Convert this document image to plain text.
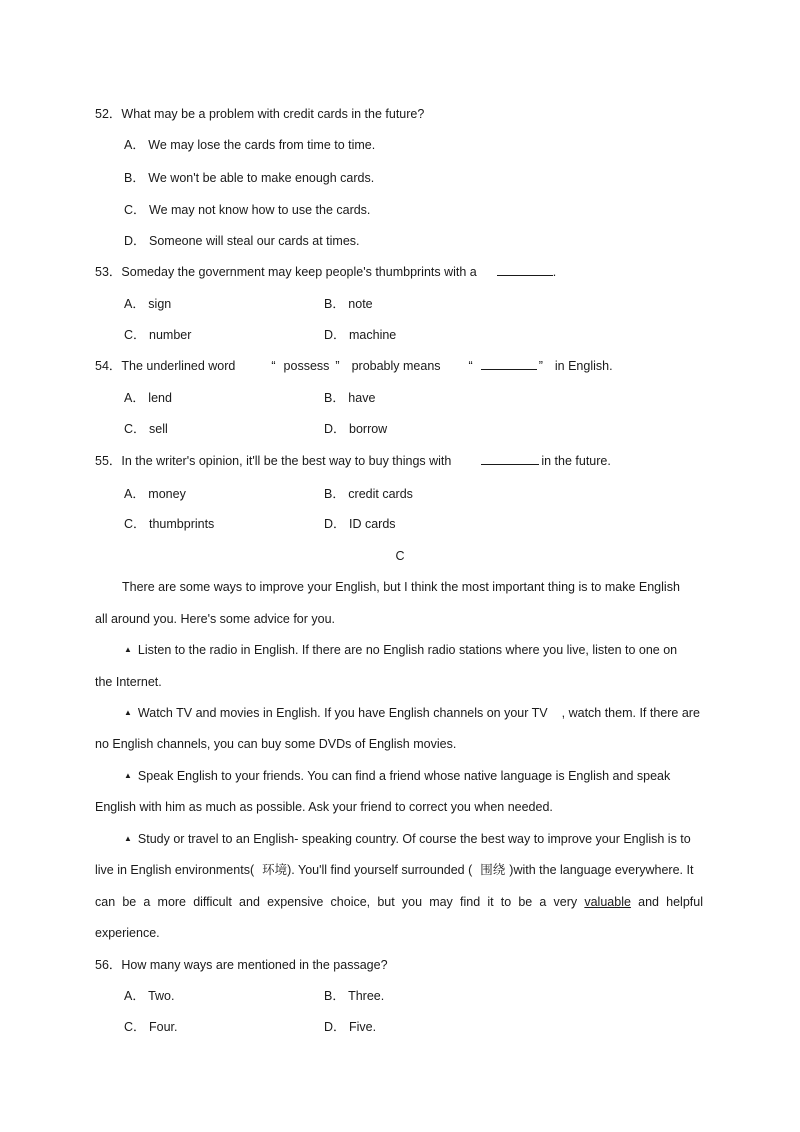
52．What may be a problem with credit cards in the future?
A． We may lose the cards from time to time.
B． We won't be able to make enough cards.
C． We may not know how to use the cards.
D． Someone will steal our cards at times.
53．Someday the government may keep people's thumbprints with a	.
A． sign	B． note
C． number	D． machine
54．The underlined word	“ possess ” probably means “	” in English.
A． lend	B． have
C． sell	D． borrow
55．In the writer's opinion, it'll be the best way to buy things with	in the future.
A． money	B． credit cards
C． thumbprints	D． ID cards
C
There are some ways to improve your English, but I think the most important thing is to make English
all around you. Here's some advice for you.
▲ Listen to the radio in English. If there are no English radio stations where you live, listen to one on
the Internet.
▲ Watch TV and movies in English. If you have English channels on your TV , watch them. If there are
no English channels, you can buy some DVDs of English movies.
▲ Speak English to your friends. You can find a friend whose native language is English and speak
English with him as much as possible. Ask your friend to correct you when needed.
▲ Study or travel to an English- speaking country. Of course the best way to improve your English is to
live in English environments( 环境). You'll find yourself surrounded ( 围绕 )with the language everywhere. It
can be a more difficult and expensive choice, but you may find it to be a very valuable and helpful
experience.
56．How many ways are mentioned in the passage?
A． Two.	B． Three.
C． Four.	D． Five.
